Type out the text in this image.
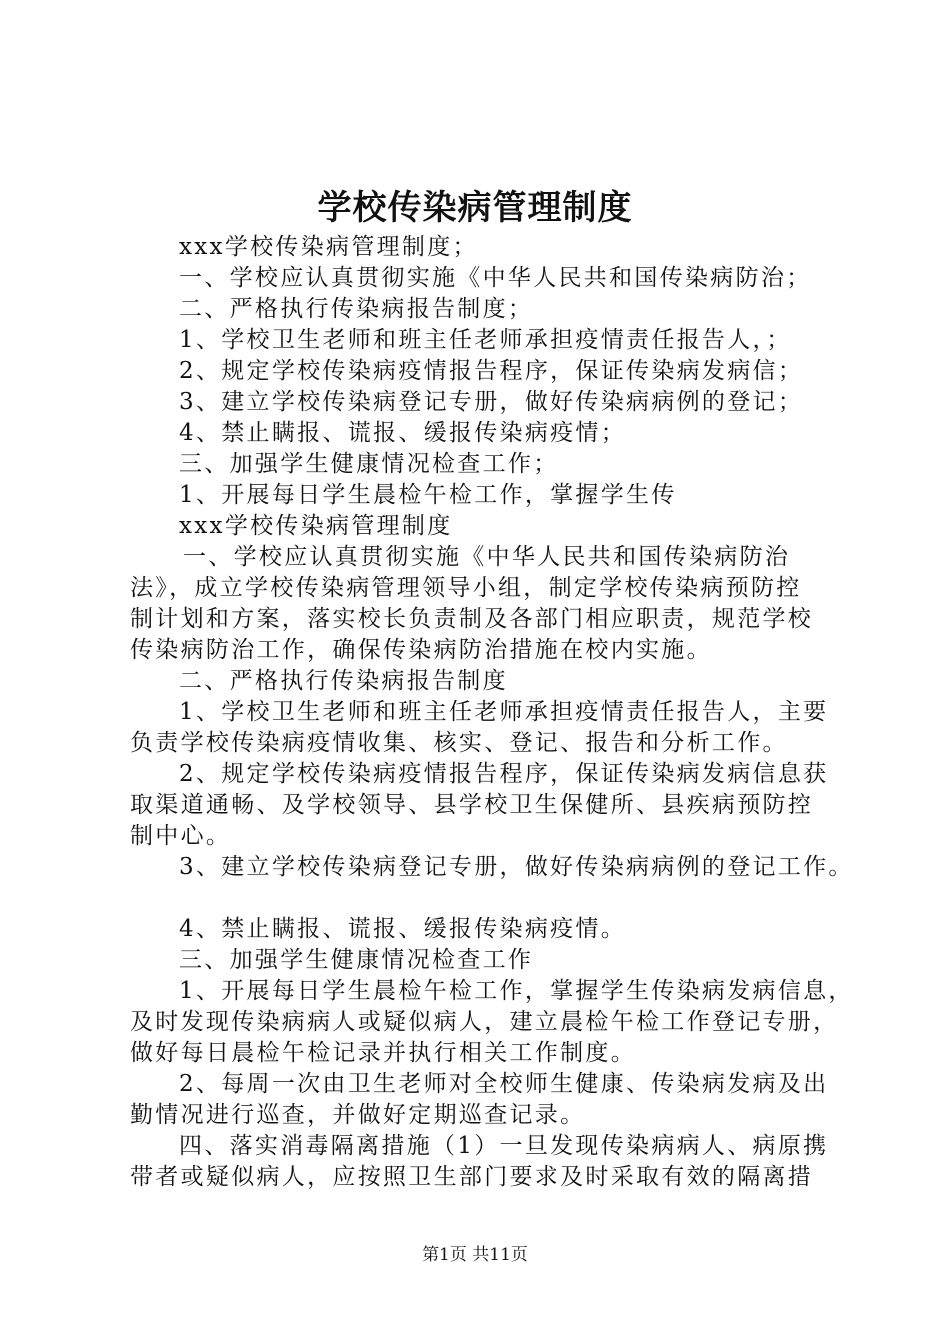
学校传染病管理制度
xxx学校传染病管理制度；
一、学校应认真贯彻实施《中华人民共和国传染病防治；
二、严格执行传染病报告制度；
1、学校卫生老师和班主任老师承担疫情责任报告人，；
2、规定学校传染病疫情报告程序，保证传染病发病信；
3、建立学校传染病登记专册，做好传染病病例的登记；
4、禁止瞒报、谎报、缓报传染病疫情；
三、加强学生健康情况检查工作；
1、开展每日学生晨检午检工作，掌握学生传
xxx学校传染病管理制度
一、学校应认真贯彻实施《中华人民共和国传染病防治
法》，成立学校传染病管理领导小组，制定学校传染病预防控
制计划和方案，落实校长负责制及各部门相应职责，规范学校
传染病防治工作，确保传染病防治措施在校内实施。
二、严格执行传染病报告制度
1、学校卫生老师和班主任老师承担疫情责任报告人，主要
负责学校传染病疫情收集、核实、登记、报告和分析工作。
2、规定学校传染病疫情报告程序，保证传染病发病信息获
取渠道通畅、及学校领导、县学校卫生保健所、县疾病预防控
制中心。
3、建立学校传染病登记专册，做好传染病病例的登记工作。
4、禁止瞒报、谎报、缓报传染病疫情。
三、加强学生健康情况检查工作
1、开展每日学生晨检午检工作，掌握学生传染病发病信息，
及时发现传染病病人或疑似病人，建立晨检午检工作登记专册，
做好每日晨检午检记录并执行相关工作制度。
2、每周一次由卫生老师对全校师生健康、传染病发病及出
勤情况进行巡查，并做好定期巡查记录。
四、落实消毒隔离措施（1）一旦发现传染病病人、病原携
带者或疑似病人，应按照卫生部门要求及时采取有效的隔离措
第1页 共11页
